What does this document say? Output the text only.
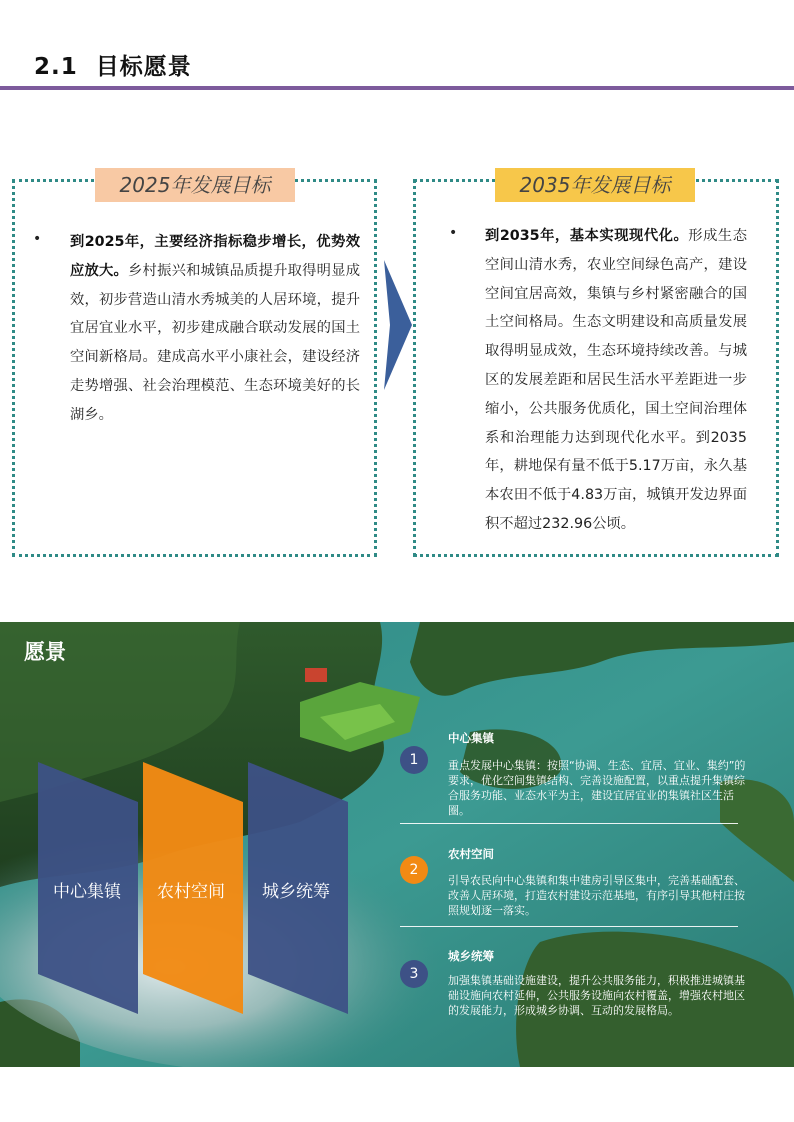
2.1 目标愿景
2025年发展目标
• 到2025年，主要经济指标稳步增长，优势效应放大。乡村振兴和城镇品质提升取得明显成效，初步营造山清水秀城美的人居环境，提升宜居宜业水平，初步建成融合联动发展的国土空间新格局。建成高水平小康社会，建设经济走势增强、社会治理模范、生态环境美好的长湖乡。
2035年发展目标
• 到2035年，基本实现现代化。形成生态空间山清水秀，农业空间绿色高产，建设空间宜居高效，集镇与乡村紧密融合的国土空间格局。生态文明建设和高质量发展取得明显成效，生态环境持续改善。与城区的发展差距和居民生活水平差距进一步缩小，公共服务优质化，国土空间治理体系和治理能力达到现代化水平。到2035年，耕地保有量不低于5.17万亩，永久基本农田不低于4.83万亩，城镇开发边界面积不超过232.96公顷。
愿景
中心集镇	农村空间	城乡统筹
1
中心集镇
重点发展中心集镇：按照“协调、生态、宜居、宜业、集约”的要求，优化空间集镇结构、完善设施配置，以重点提升集镇综合服务功能、业态水平为主，建设宜居宜业的集镇社区生活圈。
2
农村空间
引导农民向中心集镇和集中建房引导区集中，完善基础配套、改善人居环境，打造农村建设示范基地，有序引导其他村庄按照规划逐一落实。
3
城乡统筹
加强集镇基础设施建设，提升公共服务能力，积极推进城镇基础设施向农村延伸，公共服务设施向农村覆盖，增强农村地区的发展能力，形成城乡协调、互动的发展格局。
